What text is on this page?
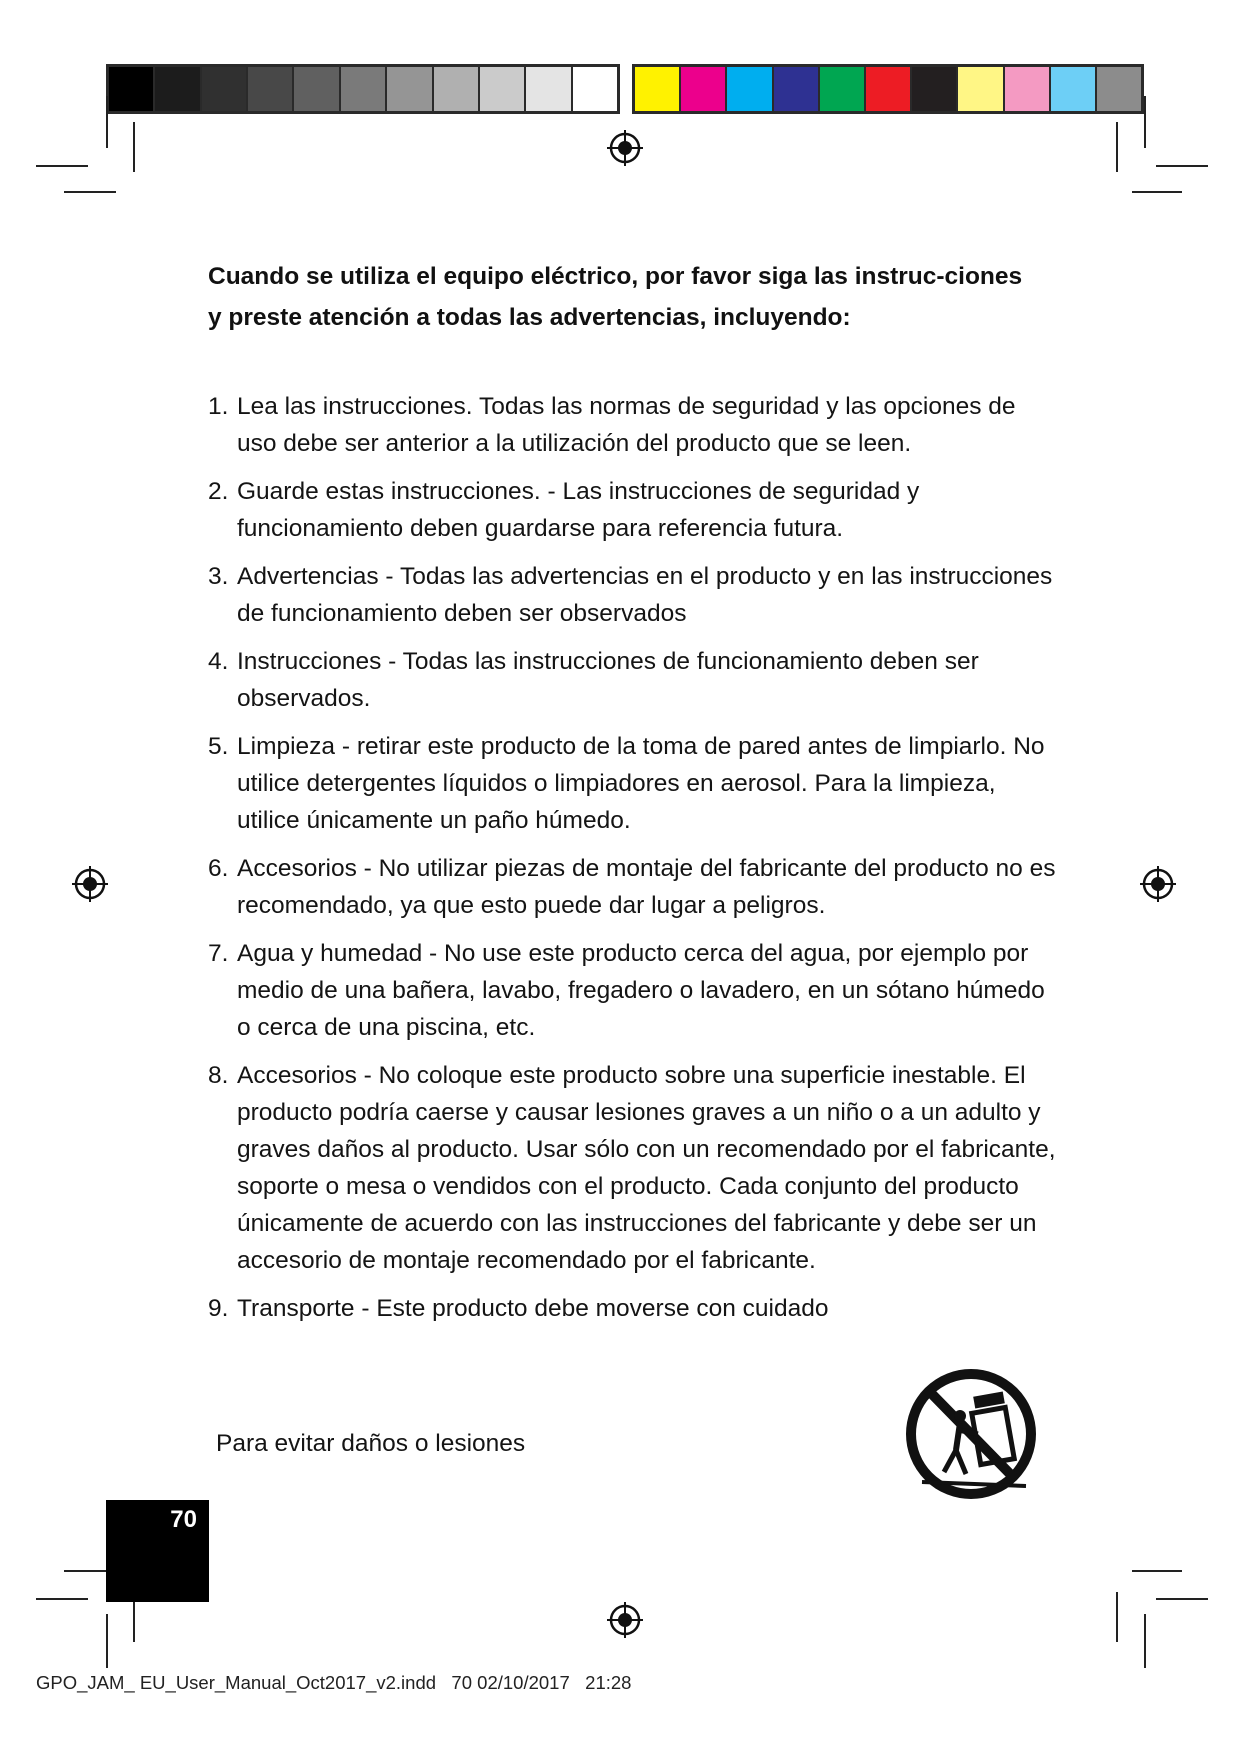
Cuando se utiliza el equipo eléctrico, por favor siga las instruc-ciones y preste atención a todas las advertencias, incluyendo:
1. Lea las instrucciones. Todas las normas de seguridad y las opciones de uso debe ser anterior a la utilización del producto que se leen.
2. Guarde estas instrucciones. - Las instrucciones de seguridad y funcionamiento deben guardarse para referencia futura.
3. Advertencias - Todas las advertencias en el producto y en las instrucciones de funcionamiento deben ser observados
4. Instrucciones - Todas las instrucciones de funcionamiento deben ser observados.
5. Limpieza - retirar este producto de la toma de pared antes de limpiarlo. No utilice detergentes líquidos o limpiadores en aerosol. Para la limpieza, utilice únicamente un paño húmedo.
6. Accesorios - No utilizar piezas de montaje del fabricante del producto no es recomendado, ya que esto puede dar lugar a peligros.
7. Agua y humedad - No use este producto cerca del agua, por ejemplo por medio de una bañera, lavabo, fregadero o lavadero, en un sótano húmedo o cerca de una piscina, etc.
8. Accesorios - No coloque este producto sobre una superficie inestable. El producto podría caerse y causar lesiones graves a un niño o a un adulto y graves daños al producto. Usar sólo con un recomendado por el fabricante, soporte o mesa o vendidos con el producto. Cada conjunto del producto únicamente de acuerdo con las instrucciones del fabricante y debe ser un accesorio de montaje recomendado por el fabricante.
9. Transporte - Este producto debe moverse con cuidado
Para evitar daños o lesiones
70
GPO_JAM_ EU_User_Manual_Oct2017_v2.indd   70 02/10/2017   21:28
